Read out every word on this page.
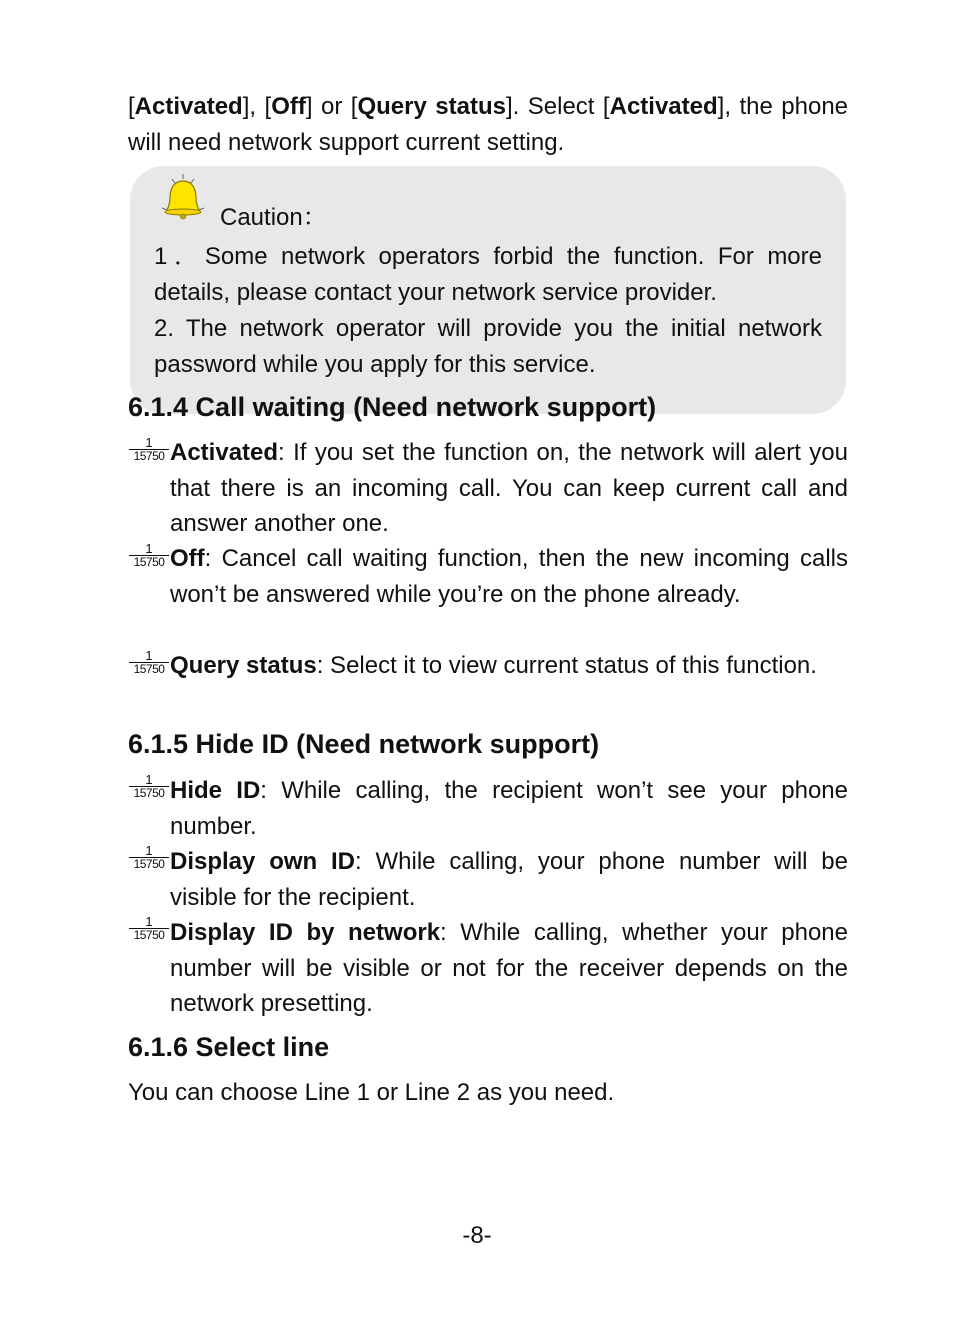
[Activated], [Off] or [Query status]. Select [Activated], the phone will need network support current setting.
Caution：
1．Some network operators forbid the function. For more details, please contact your network service provider.
2. The network operator will provide you the initial network password while you apply for this service.
6.1.4 Call waiting (Need network support)
$\frac{1}{15750}$ Activated: If you set the function on, the network will alert you that there is an incoming call. You can keep current call and answer another one.
$\frac{1}{15750}$ Off: Cancel call waiting function, then the new incoming calls won’t be answered while you’re on the phone already.
$\frac{1}{15750}$ Query status: Select it to view current status of this function.
6.1.5 Hide ID (Need network support)
$\frac{1}{15750}$ Hide ID: While calling, the recipient won’t see your phone number.
$\frac{1}{15750}$ Display own ID: While calling, your phone number will be visible for the recipient.
$\frac{1}{15750}$ Display ID by network: While calling, whether your phone number will be visible or not for the receiver depends on the network presetting.
6.1.6 Select line
You can choose Line 1 or Line 2 as you need.
-8-
